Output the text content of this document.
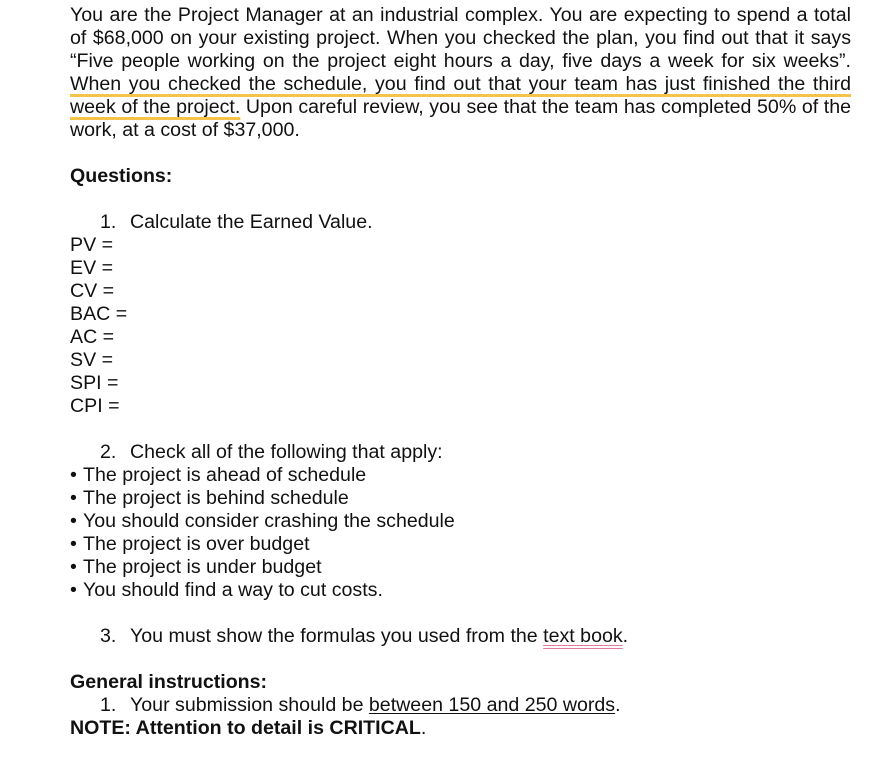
You are the Project Manager at an industrial complex. You are expecting to spend a total of $68,000 on your existing project. When you checked the plan, you find out that it says “Five people working on the project eight hours a day, five days a week for six weeks”. When you checked the schedule, you find out that your team has just finished the third week of the project. Upon careful review, you see that the team has completed 50% of the work, at a cost of $37,000.

Questions:
1. Calculate the Earned Value.
PV =
EV =
CV =
BAC =
AC =
SV =
SPI =
CPI =
2. Check all of the following that apply:
• The project is ahead of schedule
• The project is behind schedule
• You should consider crashing the schedule
• The project is over budget
• The project is under budget
• You should find a way to cut costs.
3. You must show the formulas you used from the text book.
General instructions:
1. Your submission should be between 150 and 250 words.
NOTE: Attention to detail is CRITICAL.
